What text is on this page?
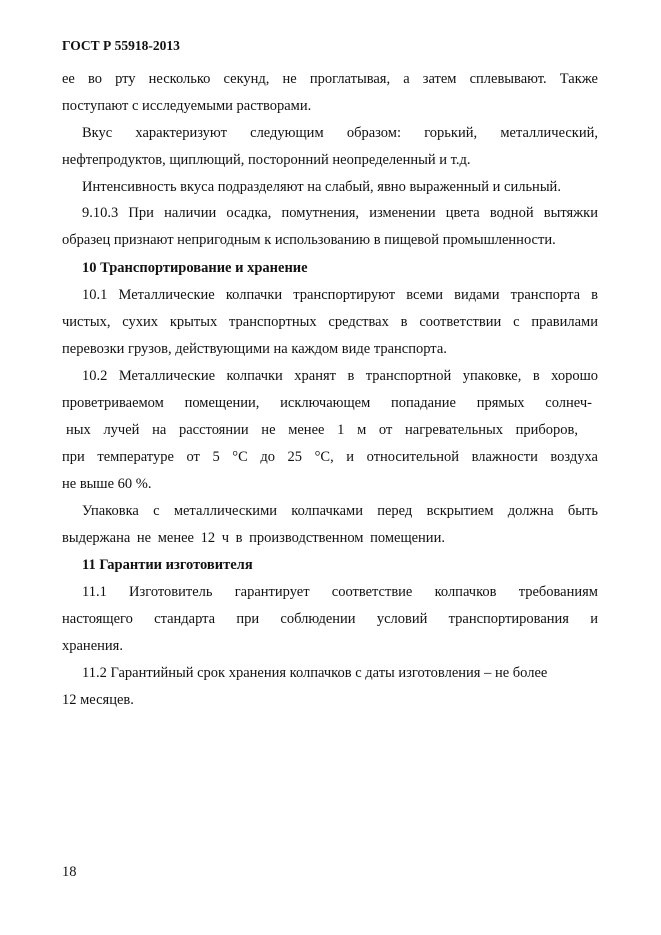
ГОСТ Р 55918-2013
ее во рту несколько секунд, не проглатывая, а затем сплевывают. Также
поступают с исследуемыми растворами.
Вкус характеризуют следующим образом: горький, металлический,
нефтепродуктов, щиплющий, посторонний неопределенный и т.д.
Интенсивность вкуса подразделяют на слабый, явно выраженный и сильный.
9.10.3 При наличии осадка, помутнения, изменении цвета водной вытяжки
образец признают непригодным к использованию в пищевой промышленности.
10 Транспортирование и хранение
10.1 Металлические колпачки транспортируют всеми видами транспорта в
чистых, сухих крытых транспортных средствах в соответствии с правилами
перевозки грузов, действующими на каждом виде транспорта.
10.2 Металлические колпачки хранят в транспортной упаковке, в хорошо
проветриваемом помещении, исключающем попадание прямых солнеч-
ных лучей на расстоянии не менее 1 м от нагревательных приборов,
при температуре от 5 °C до 25 °C, и относительной влажности воздуха
не выше 60 %.
Упаковка с металлическими колпачками перед вскрытием должна быть
выдержана не менее 12 ч в производственном помещении.
11 Гарантии изготовителя
11.1 Изготовитель гарантирует соответствие колпачков требованиям
настоящего стандарта при соблюдении условий транспортирования и
хранения.
11.2 Гарантийный срок хранения колпачков с даты изготовления – не более
12 месяцев.
18
